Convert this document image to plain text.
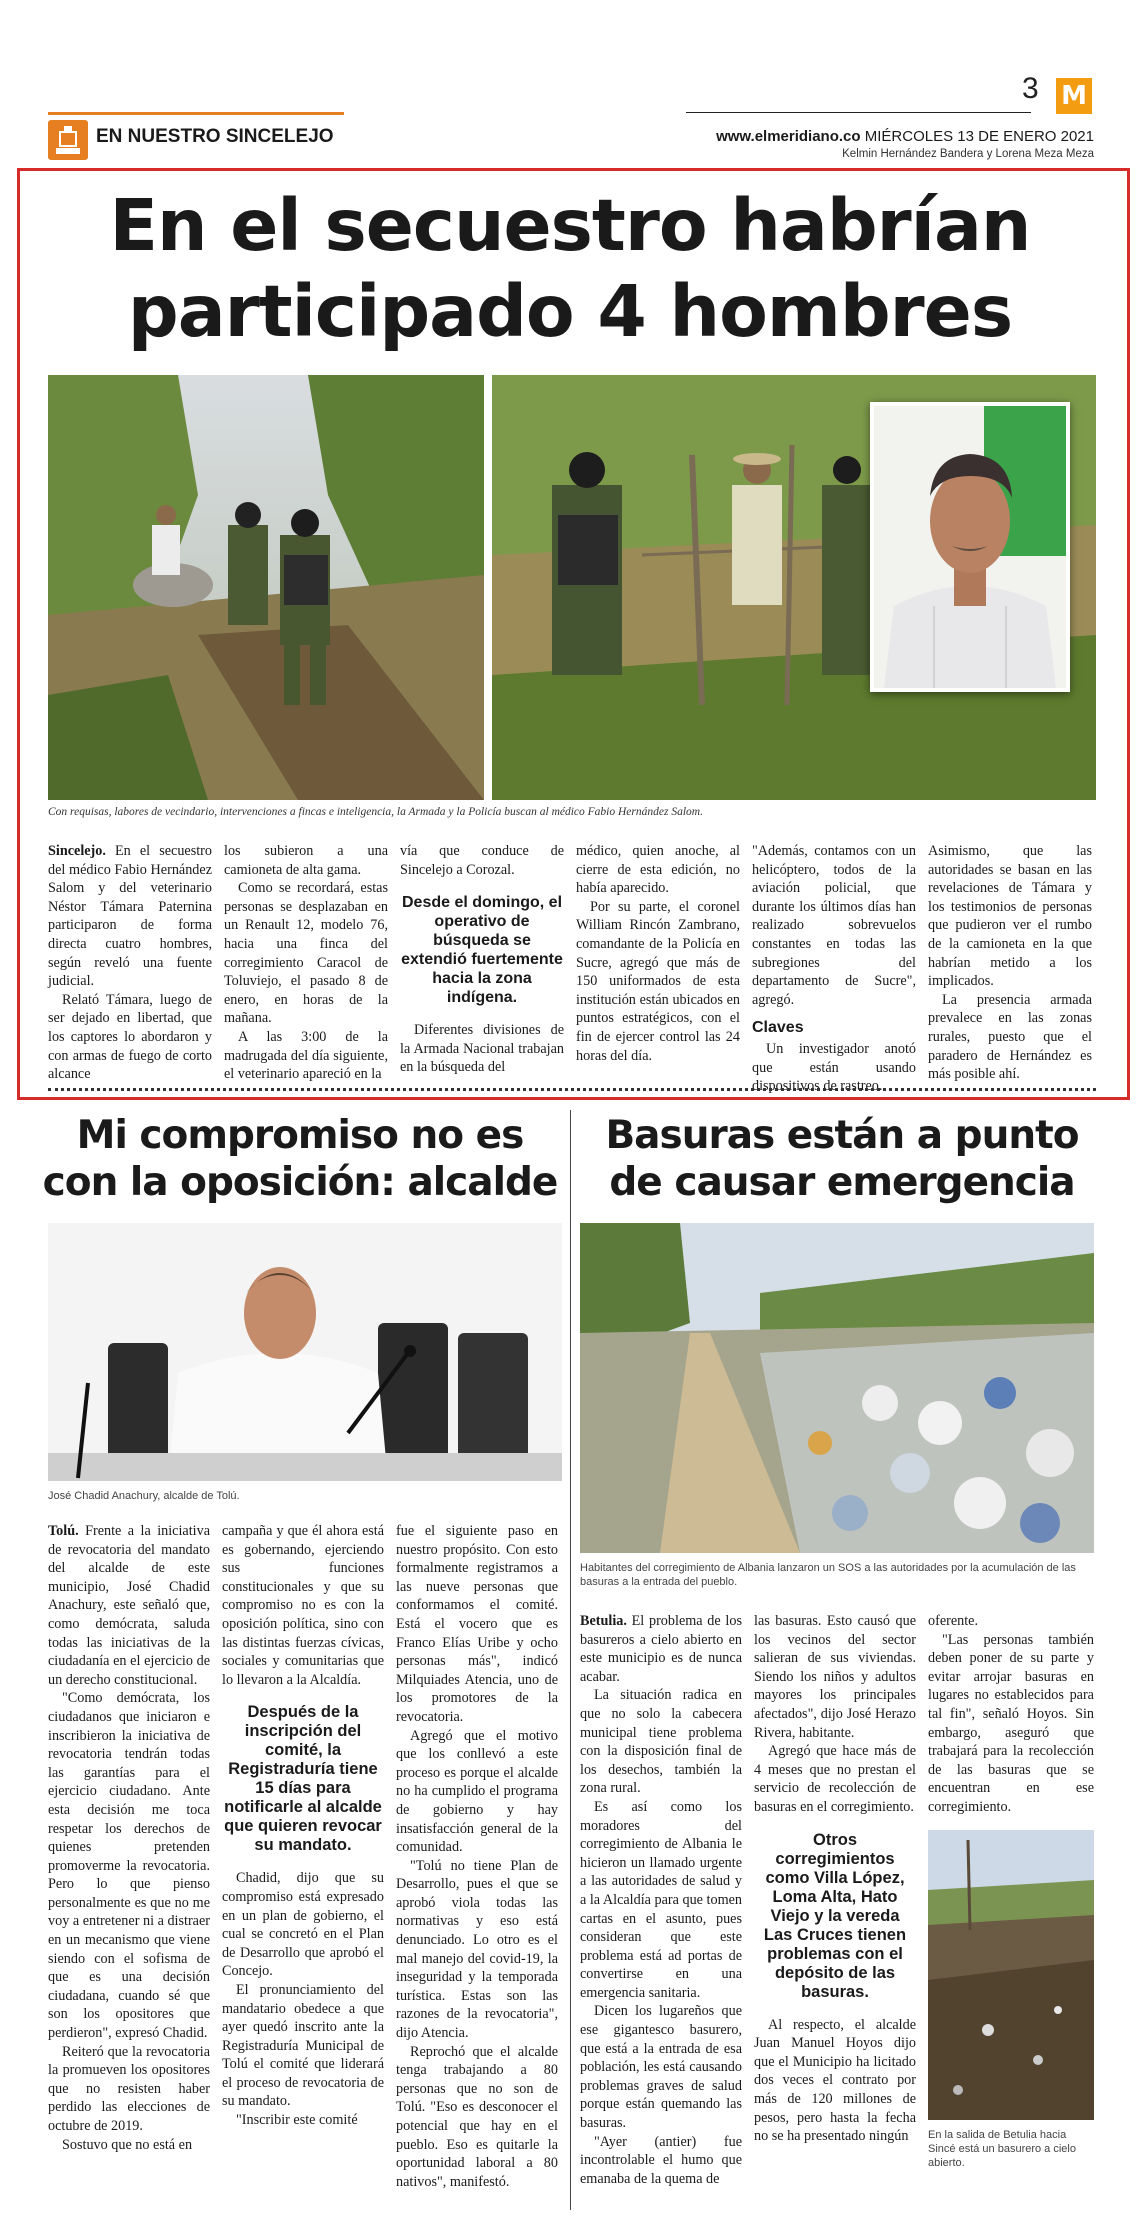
EN NUESTRO SINCELEJO
3 M
www.elmeridiano.co MIÉRCOLES 13 DE ENERO 2021
Kelmin Hernández Bandera y Lorena Meza Meza
En el secuestro habrían
participado 4 hombres
Con requisas, labores de vecindario, intervenciones a fincas e inteligencia, la Armada y la Policía buscan al médico Fabio Hernández Salom.

Sincelejo. En el secuestro del médico Fabio Hernández Salom y del veterinario Néstor Támara Paternina participaron de forma directa cuatro hombres, según reveló una fuente judicial.

Relató Támara, luego de ser dejado en libertad, que los captores lo abordaron y con armas de fuego de corto alcance

los subieron a una camioneta de alta gama.

Como se recordará, estas personas se desplazaban en un Renault 12, modelo 76, hacia una finca del corregimiento Caracol de Toluviejo, el pasado 8 de enero, en horas de la mañana.

A las 3:00 de la madrugada del día siguiente, el veterinario apareció en la

vía que conduce de Sincelejo a Corozal.

Desde el domingo, el operativo de búsqueda se extendió fuertemente hacia la zona indígena.

Diferentes divisiones de la Armada Nacional trabajan en la búsqueda del

médico, quien anoche, al cierre de esta edición, no había aparecido.

Por su parte, el coronel William Rincón Zambrano, comandante de la Policía en Sucre, agregó que más de 150 uniformados de esta institución están ubicados en puntos estratégicos, con el fin de ejercer control las 24 horas del día.

"Además, contamos con un helicóptero, todos de la aviación policial, que durante los últimos días han realizado sobrevuelos constantes en todas las subregiones del departamento de Sucre", agregó.

Claves

Un investigador anotó que están usando dispositivos de rastreo.

Asimismo, que las autoridades se basan en las revelaciones de Támara y los testimonios de personas que pudieron ver el rumbo de la camioneta en la que habrían metido a los implicados.

La presencia armada prevalece en las zonas rurales, puesto que el paradero de Hernández es más posible ahí.

Mi compromiso no es
con la oposición: alcalde
José Chadid Anachury, alcalde de Tolú.

Tolú. Frente a la iniciativa de revocatoria del mandato del alcalde de este municipio, José Chadid Anachury, este señaló que, como demócrata, saluda todas las iniciativas de la ciudadanía en el ejercicio de un derecho constitucional.

"Como demócrata, los ciudadanos que iniciaron e inscribieron la iniciativa de revocatoria tendrán todas las garantías para el ejercicio ciudadano. Ante esta decisión me toca respetar los derechos de quienes pretenden promoverme la revocatoria. Pero lo que pienso personalmente es que no me voy a entretener ni a distraer en un mecanismo que viene siendo con el sofisma de que es una decisión ciudadana, cuando sé que son los opositores que perdieron", expresó Chadid.

Reiteró que la revocatoria la promueven los opositores que no resisten haber perdido las elecciones de octubre de 2019.

Sostuvo que no está en

campaña y que él ahora está es gobernando, ejerciendo sus funciones constitucionales y que su compromiso no es con la oposición política, sino con las distintas fuerzas cívicas, sociales y comunitarias que lo llevaron a la Alcaldía.

Después de la inscripción del comité, la Registraduría tiene 15 días para notificarle al alcalde que quieren revocar su mandato.

Chadid, dijo que su compromiso está expresado en un plan de gobierno, el cual se concretó en el Plan de Desarrollo que aprobó el Concejo.

El pronunciamiento del mandatario obedece a que ayer quedó inscrito ante la Registraduría Municipal de Tolú el comité que liderará el proceso de revocatoria de su mandato.

"Inscribir este comité

fue el siguiente paso en nuestro propósito. Con esto formalmente registramos a las nueve personas que conformamos el comité. Está el vocero que es Franco Elías Uribe y ocho personas más", indicó Milquiades Atencia, uno de los promotores de la revocatoria.

Agregó que el motivo que los conllevó a este proceso es porque el alcalde no ha cumplido el programa de gobierno y hay insatisfacción general de la comunidad.

"Tolú no tiene Plan de Desarrollo, pues el que se aprobó viola todas las normativas y eso está denunciado. Lo otro es el mal manejo del covid-19, la inseguridad y la temporada turística. Estas son las razones de la revocatoria", dijo Atencia.

Reprochó que el alcalde tenga trabajando a 80 personas que no son de Tolú. "Eso es desconocer el potencial que hay en el pueblo. Eso es quitarle la oportunidad laboral a 80 nativos", manifestó.

Basuras están a punto
de causar emergencia
Habitantes del corregimiento de Albania lanzaron un SOS a las autoridades por la acumulación de las basuras a la entrada del pueblo.

Betulia. El problema de los basureros a cielo abierto en este municipio es de nunca acabar.

La situación radica en que no solo la cabecera municipal tiene problema con la disposición final de los desechos, también la zona rural.

Es así como los moradores del corregimiento de Albania le hicieron un llamado urgente a las autoridades de salud y a la Alcaldía para que tomen cartas en el asunto, pues consideran que este problema está ad portas de convertirse en una emergencia sanitaria.

Dicen los lugareños que ese gigantesco basurero, que está a la entrada de esa población, les está causando problemas graves de salud porque están quemando las basuras.

"Ayer (antier) fue incontrolable el humo que emanaba de la quema de

las basuras. Esto causó que los vecinos del sector salieran de sus viviendas. Siendo los niños y adultos mayores los principales afectados", dijo José Herazo Rivera, habitante.

Agregó que hace más de 4 meses que no prestan el servicio de recolección de basuras en el corregimiento.

Otros corregimientos como Villa López, Loma Alta, Hato Viejo y la vereda Las Cruces tienen problemas con el depósito de las basuras.

Al respecto, el alcalde Juan Manuel Hoyos dijo que el Municipio ha licitado dos veces el contrato por más de 120 millones de pesos, pero hasta la fecha no se ha presentado ningún

oferente.

"Las personas también deben poner de su parte y evitar arrojar basuras en lugares no establecidos para tal fin", señaló Hoyos. Sin embargo, aseguró que trabajará para la recolección de las basuras que se encuentran en ese corregimiento.

En la salida de Betulia hacia Sincé está un basurero a cielo abierto.
